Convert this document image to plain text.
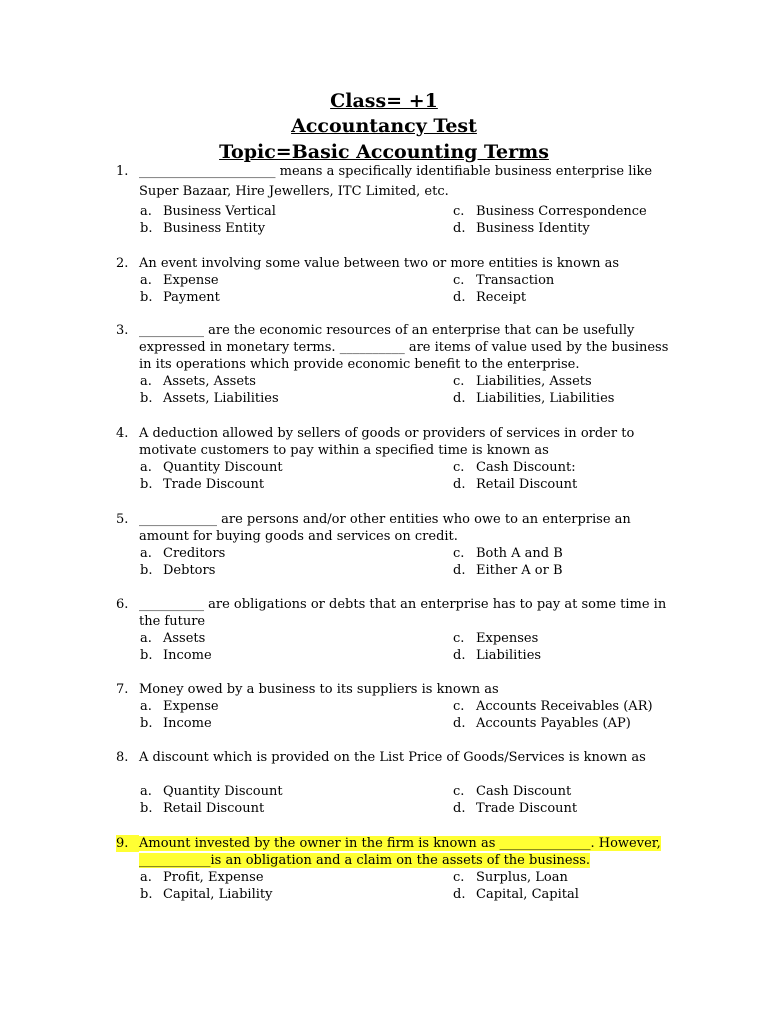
Class= +1
Accountancy Test
Topic=Basic Accounting Terms
1. _____________________ means a specifically identifiable business enterprise like
Super Bazaar, Hire Jewellers, ITC Limited, etc.
a. Business Vertical
b. Business Entity
c. Business Correspondence
d. Business Identity
2. An event involving some value between two or more entities is known as
a. Expense
b. Payment
c. Transaction
d. Receipt
3. __________ are the economic resources of an enterprise that can be usefully
expressed in monetary terms. __________ are items of value used by the business
in its operations which provide economic benefit to the enterprise.
a. Assets, Assets
b. Assets, Liabilities
c. Liabilities, Assets
d. Liabilities, Liabilities
4. A deduction allowed by sellers of goods or providers of services in order to
motivate customers to pay within a specified time is known as
a. Quantity Discount
b. Trade Discount
c. Cash Discount:
d. Retail Discount
5. ____________ are persons and/or other entities who owe to an enterprise an
amount for buying goods and services on credit.
a. Creditors
b. Debtors
c. Both A and B
d. Either A or B
6. __________ are obligations or debts that an enterprise has to pay at some time in
the future
a. Assets
b. Income
c. Expenses
d. Liabilities
7. Money owed by a business to its suppliers is known as
a. Expense
b. Income
c. Accounts Receivables (AR)
d. Accounts Payables (AP)
8. A discount which is provided on the List Price of Goods/Services is known as
a. Quantity Discount
b. Retail Discount
c. Cash Discount
d. Trade Discount
9. Amount invested by the owner in the firm is known as ______________. However,
___________is an obligation and a claim on the assets of the business.
a. Profit, Expense
b. Capital, Liability
c. Surplus, Loan
d. Capital, Capital
